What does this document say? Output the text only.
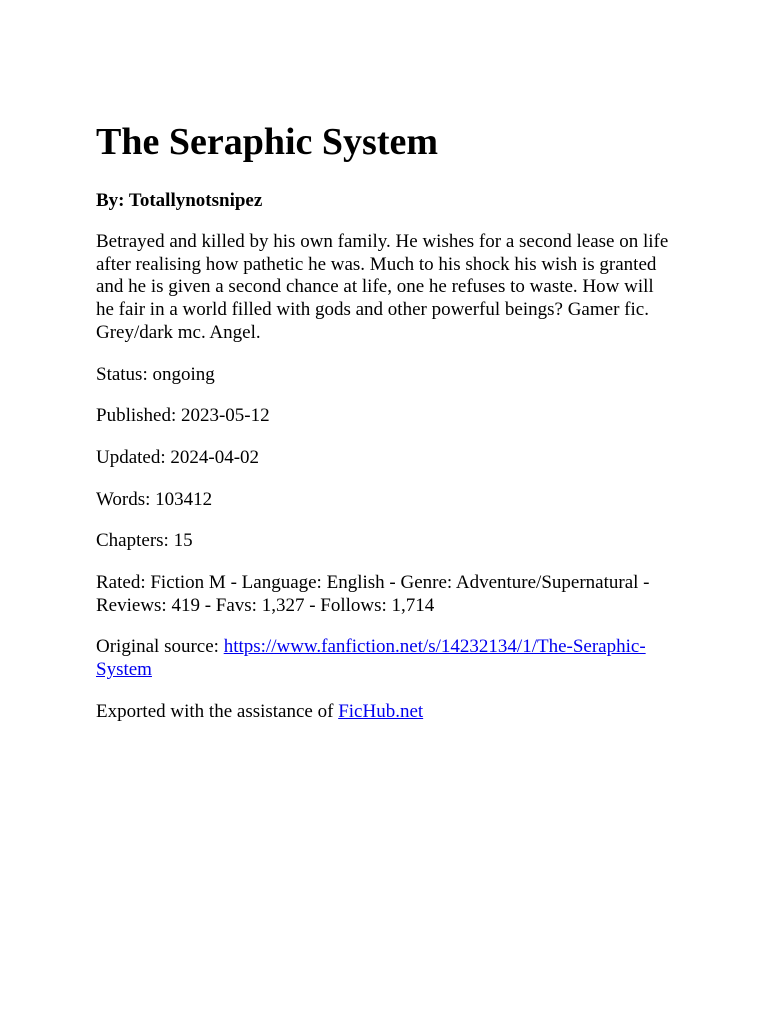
The Seraphic System

By: Totallynotsnipez

Betrayed and killed by his own family. He wishes for a second lease on life after realising how pathetic he was. Much to his shock his wish is granted and he is given a second chance at life, one he refuses to waste. How will he fair in a world filled with gods and other powerful beings? Gamer fic. Grey/dark mc. Angel.

Status: ongoing

Published: 2023-05-12

Updated: 2024-04-02

Words: 103412

Chapters: 15

Rated: Fiction M - Language: English - Genre: Adventure/Supernatural - Reviews: 419 - Favs: 1,327 - Follows: 1,714

Original source: https://www.fanfiction.net/s/14232134/1/The-Seraphic-System

Exported with the assistance of FicHub.net
